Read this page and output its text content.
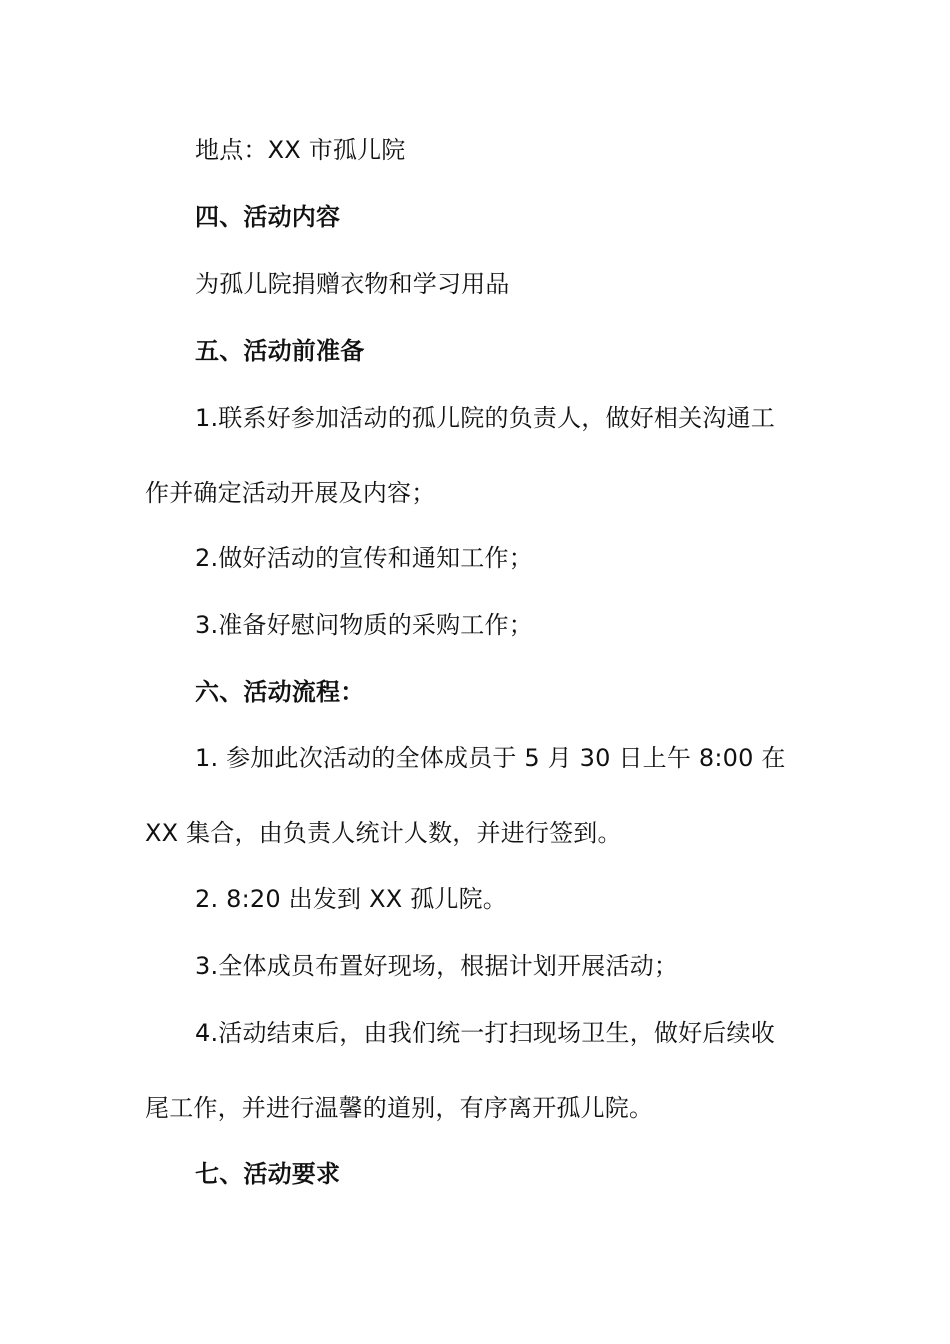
地点：XX 市孤儿院
四、活动内容
为孤儿院捐赠衣物和学习用品
五、活动前准备
1.联系好参加活动的孤儿院的负责人，做好相关沟通工
作并确定活动开展及内容；
2.做好活动的宣传和通知工作；
3.准备好慰问物质的采购工作；
六、活动流程：
1. 参加此次活动的全体成员于 5 月 30 日上午 8:00 在
XX 集合，由负责人统计人数，并进行签到。
2. 8:20 出发到 XX 孤儿院。
3.全体成员布置好现场，根据计划开展活动；
4.活动结束后，由我们统一打扫现场卫生，做好后续收
尾工作，并进行温馨的道别，有序离开孤儿院。
七、活动要求
